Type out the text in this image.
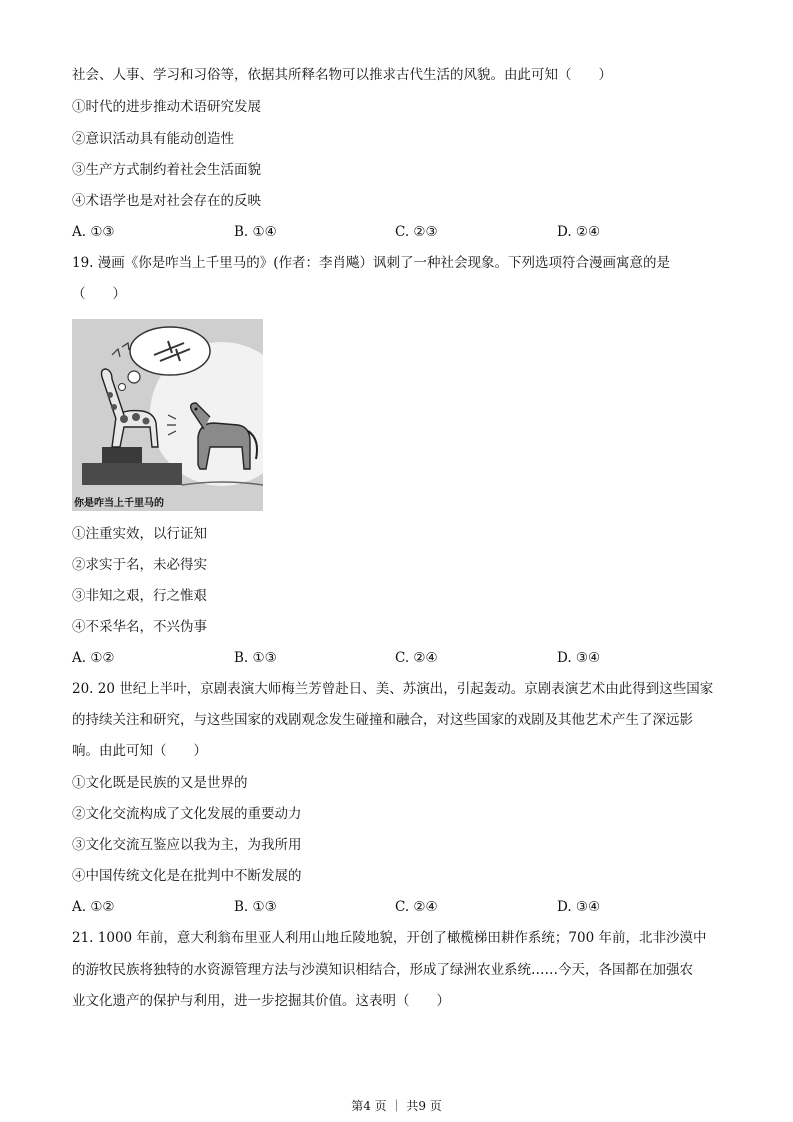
社会、人事、学习和习俗等，依据其所释名物可以推求古代生活的风貌。由此可知（　　）
①时代的进步推动术语研究发展
②意识活动具有能动创造性
③生产方式制约着社会生活面貌
④术语学也是对社会存在的反映
A. ①③	B. ①④	C. ②③	D. ②④
19. 漫画《你是咋当上千里马的》(作者：李肖飚）讽刺了一种社会现象。下列选项符合漫画寓意的是
（　　）
你是咋当上千里马的
①注重实效，以行证知
②求实于名，未必得实
③非知之艰，行之惟艰
④不采华名，不兴伪事
A. ①②	B. ①③	C. ②④	D. ③④
20. 20 世纪上半叶，京剧表演大师梅兰芳曾赴日、美、苏演出，引起轰动。京剧表演艺术由此得到这些国家
的持续关注和研究，与这些国家的戏剧观念发生碰撞和融合，对这些国家的戏剧及其他艺术产生了深远影
响。由此可知（　　）
①文化既是民族的又是世界的
②文化交流构成了文化发展的重要动力
③文化交流互鉴应以我为主，为我所用
④中国传统文化是在批判中不断发展的
A. ①②	B. ①③	C. ②④	D. ③④
21. 1000 年前，意大利翁布里亚人利用山地丘陵地貌，开创了橄榄梯田耕作系统；700 年前，北非沙漠中
的游牧民族将独特的水资源管理方法与沙漠知识相结合，形成了绿洲农业系统……今天，各国都在加强农
业文化遗产的保护与利用，进一步挖掘其价值。这表明（　　）
第4 页 ｜ 共9 页
